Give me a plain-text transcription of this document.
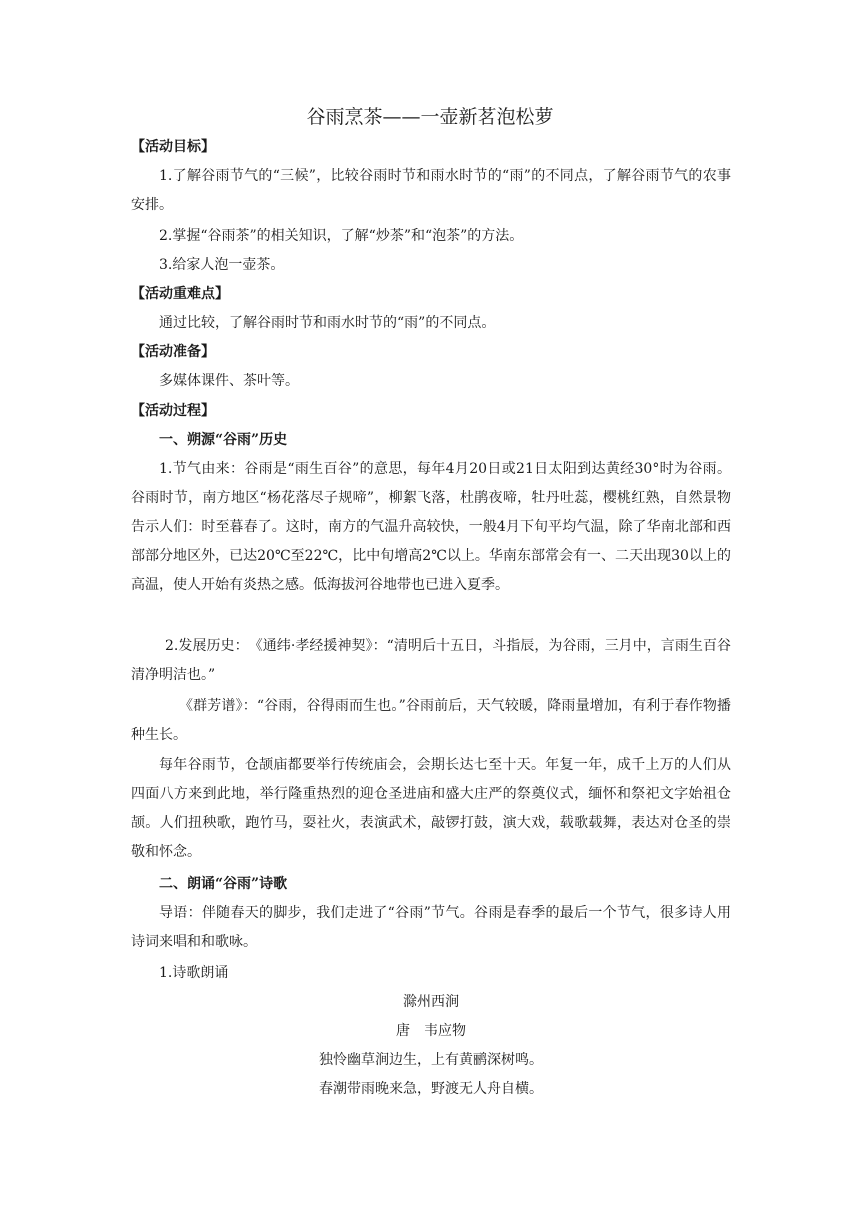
谷雨烹茶——一壶新茗泡松萝
【活动目标】
1.了解谷雨节气的“三候”，比较谷雨时节和雨水时节的“雨”的不同点，了解谷雨节气的农事安排。
2.掌握“谷雨茶”的相关知识，了解“炒茶”和“泡茶”的方法。
3.给家人泡一壶茶。
【活动重难点】
通过比较，了解谷雨时节和雨水时节的“雨”的不同点。
【活动准备】
多媒体课件、茶叶等。
【活动过程】
一、朔源“谷雨”历史
1.节气由来：谷雨是“雨生百谷”的意思，每年4月20日或21日太阳到达黄经30°时为谷雨。谷雨时节，南方地区“杨花落尽子规啼”，柳絮飞落，杜鹃夜啼，牡丹吐蕊，樱桃红熟，自然景物告示人们：时至暮春了。这时，南方的气温升高较快，一般4月下旬平均气温，除了华南北部和西部部分地区外，已达20℃至22℃，比中旬增高2℃以上。华南东部常会有一、二天出现30以上的高温，使人开始有炎热之感。低海拔河谷地带也已进入夏季。
2.发展历史：　《通纬·孝经援神契》：“清明后十五日，斗指辰，为谷雨，三月中，言雨生百谷清净明洁也。”
《群芳谱》：“谷雨，谷得雨而生也。”谷雨前后，天气较暖，降雨量增加，有利于春作物播种生长。
每年谷雨节，仓颉庙都要举行传统庙会，会期长达七至十天。年复一年，成千上万的人们从四面八方来到此地，举行隆重热烈的迎仓圣进庙和盛大庄严的祭奠仪式，缅怀和祭祀文字始祖仓颉。人们扭秧歌，跑竹马，耍社火，表演武术，敲锣打鼓，演大戏，载歌载舞，表达对仓圣的崇敬和怀念。
二、朗诵“谷雨”诗歌
导语：伴随春天的脚步，我们走进了“谷雨”节气。谷雨是春季的最后一个节气，很多诗人用诗词来唱和和歌咏。
1.诗歌朗诵
滁州西涧
唐　韦应物
独怜幽草涧边生，上有黄鹂深树鸣。
春潮带雨晚来急，野渡无人舟自横。
